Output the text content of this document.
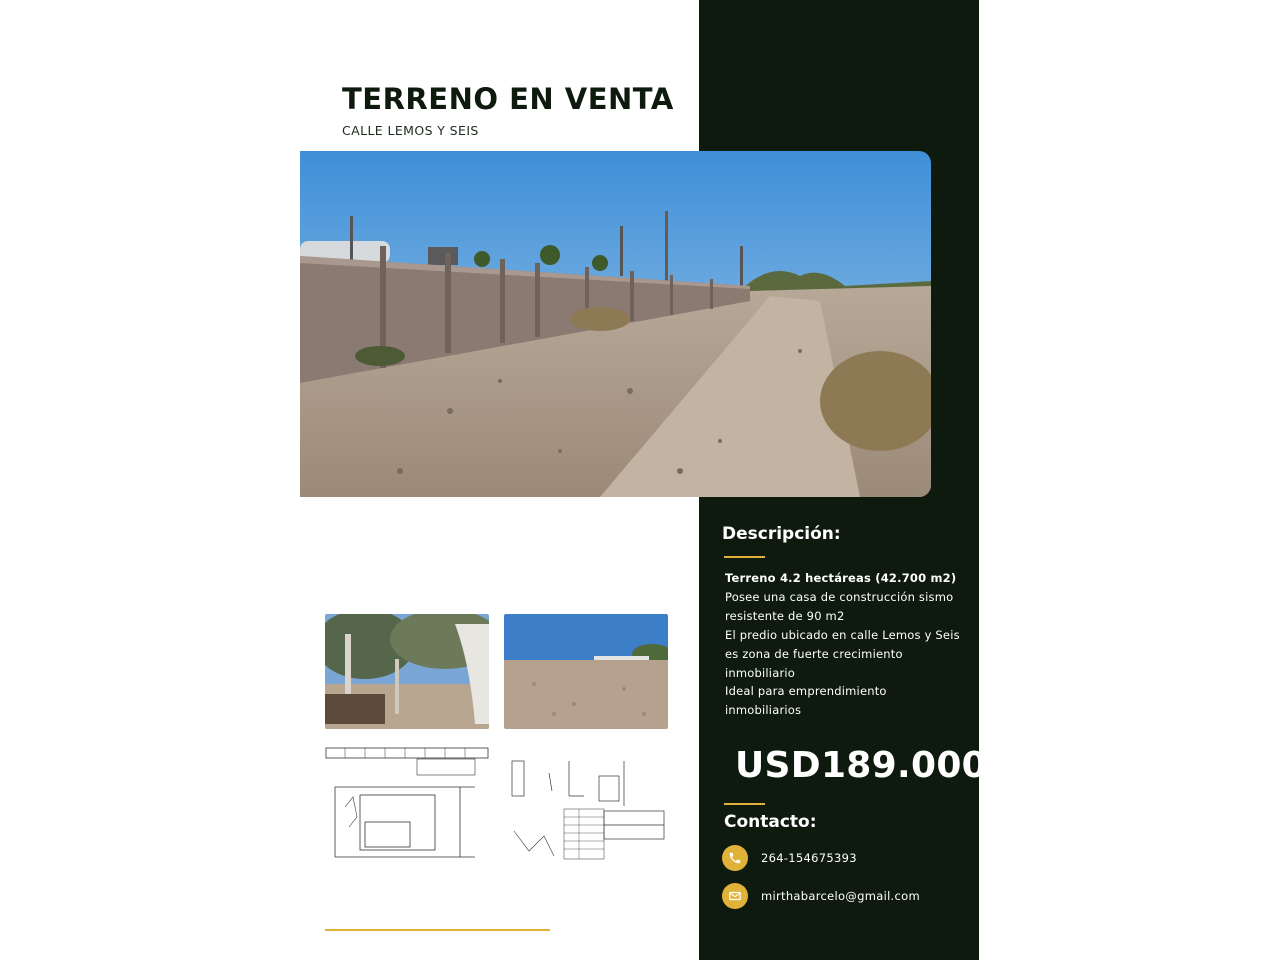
TERRENO EN VENTA
CALLE LEMOS Y SEIS
Descripción:
Terreno 4.2 hectáreas (42.700 m2)
Posee una casa de construcción sismo resistente de 90 m2
El predio ubicado en calle Lemos y Seis es zona de fuerte crecimiento inmobiliario
Ideal para emprendimiento inmobiliarios
USD189.000
Contacto:
264-154675393
mirthabarcelo@gmail.com
